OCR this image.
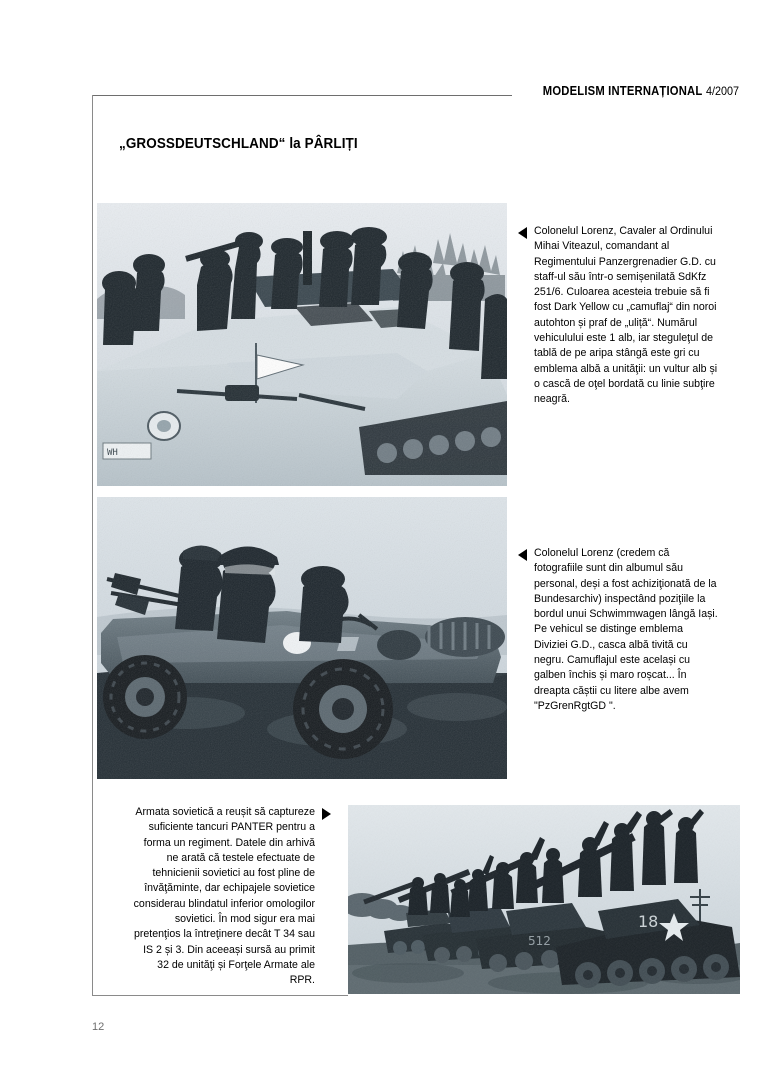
MODELISM INTERNAȚIONAL 4/2007
„GROSSDEUTSCHLAND“ la PÂRLIȚI

Colonelul Lorenz, Cavaler al Ordinului Mihai Viteazul, comandant al Regimentului Panzergrenadier G.D. cu staff-ul său într-o semișenilată SdKfz 251/6. Culoarea acesteia trebuie să fi fost Dark Yellow cu „camuflaj“ din noroi autohton și praf de „uliță“. Numărul vehiculului este 1 alb, iar steguleţul de tablă de pe aripa stângă este gri cu emblema albă a unităţii: un vultur alb și o cască de oţel bordată cu linie subţire neagră.

Colonelul Lorenz (credem că fotografiile sunt din albumul său personal, deși a fost achiziţionată de la Bundesarchiv) inspectând poziţiile la bordul unui Schwimmwagen lângă Iași. Pe vehicul se distinge emblema Diviziei G.D., casca albă tivită cu negru. Camuflajul este același cu galben închis și maro roșcat... În dreapta căștii cu litere albe avem "PzGrenRgtGD ".

Armata sovietică a reușit să captureze suficiente tancuri PANTER pentru a forma un regiment. Datele din arhivă ne arată că testele efectuate de tehnicienii sovietici au fost pline de învăţăminte, dar echipajele sovietice considerau blindatul inferior omologilor sovietici. În mod sigur era mai pretenţios la întreţinere decât T 34 sau IS 2 și 3. Din aceeași sursă au primit 32 de unităţi și Forţele Armate ale RPR.

12
